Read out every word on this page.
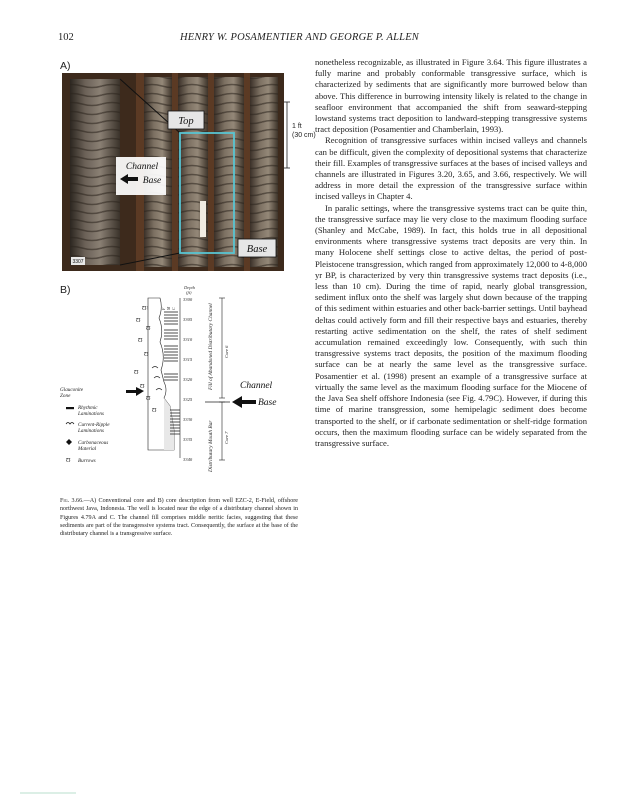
102	HENRY W. POSAMENTIER AND GEORGE P. ALLEN
A)
Top
Base
Channel
Base
3307
1 ft
(30 cm)
B)
F M C
Depth
(ft)
Ʊ
Ʊ
Ʊ
Ʊ
Ʊ
Ʊ
Ʊ
Ʊ
Ʊ
3300
3305
3310
3315
3320
3325
3330
3335
3340
Fill of Abandoned Distributary Channel
Distributary Mouth Bar
Core 6
Core 7
Channel
Base
Glauconite
Zone
Rhythmic
Laminations
Current-Ripple
Laminations
Carbonaceous
Material
Ʊ Burrows
Fig. 3.66.—A) Conventional core and B) core description from well EZC-2, E-Field, offshore northwest Java, Indonesia. The well is located near the edge of a distributary channel shown in Figures 4.79A and C. The channel fill comprises middle neritic facies, suggesting that these sediments are part of the transgressive systems tract. Consequently, the surface at the base of the distributary channel is a transgressive surface.

nonetheless recognizable, as illustrated in Figure 3.64. This figure illustrates a fully marine and probably conformable transgressive surface, which is characterized by sediments that are significantly more burrowed below than above. This difference in burrowing intensity likely is related to the change in seafloor environment that accompanied the shift from seaward-stepping lowstand systems tract deposition to landward-stepping transgressive systems tract deposition (Posamentier and Chamberlain, 1993).

Recognition of transgressive surfaces within incised valleys and channels can be difficult, given the complexity of depositional systems that characterize their fill. Examples of transgressive surfaces at the bases of incised valleys and channels are illustrated in Figures 3.20, 3.65, and 3.66, respectively. We will address in more detail the expression of the transgressive surface within incised valleys in Chapter 4.

In paralic settings, where the transgressive systems tract can be quite thin, the transgressive surface may lie very close to the maximum flooding surface (Shanley and McCabe, 1989). In fact, this holds true in all depositional environments where transgressive systems tract deposits are very thin. In many Holocene shelf settings close to active deltas, the period of post-Pleistocene transgression, which ranged from approximately 12,000 to 4-8,000 yr BP, is characterized by very thin transgressive systems tract deposits (i.e., less than 10 cm). During the time of rapid, nearly global transgression, sediment influx onto the shelf was largely shut down because of the trapping of this sediment within estuaries and other back-barrier settings. Until bayhead deltas could actively form and fill their respective bays and estuaries, thereby restarting active sedimentation on the shelf, the rates of shelf sediment accumulation remained exceedingly low. Consequently, with such thin transgressive systems tract deposits, the position of the maximum flooding surface can be at nearly the same level as the transgressive surface. Posamentier et al. (1998) present an example of a transgressive surface at virtually the same level as the maximum flooding surface for the Miocene of the Java Sea shelf offshore Indonesia (see Fig. 4.79C). However, if during this time of marine transgression, some hemipelagic sediment does become transported to the shelf, or if carbonate sedimentation or shelf-ridge formation occurs, then the maximum flooding surface can be widely separated from the transgressive surface.
